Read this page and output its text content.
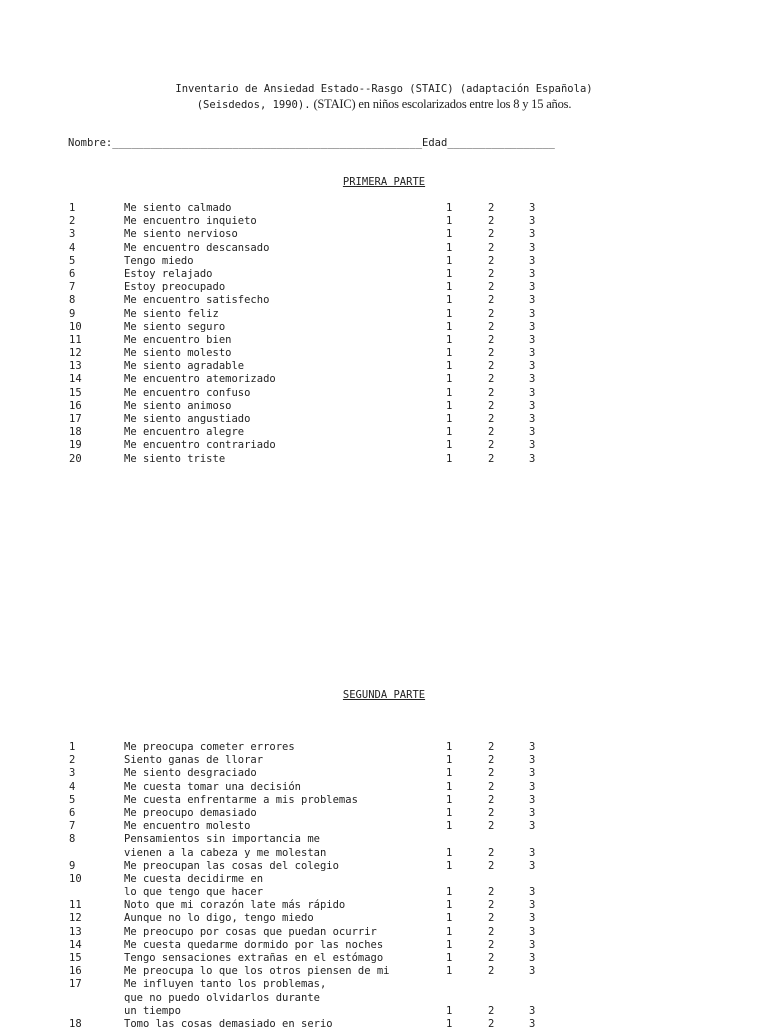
Inventario de Ansiedad Estado--Rasgo (STAIC) (adaptación Española)
(Seisdedos, 1990). (STAIC) en niños escolarizados entre los 8 y 15 años.
Nombre:_________________________________________________Edad_________________
PRIMERA PARTE
1	Me siento calmado	1	2	3
2	Me encuentro inquieto	1	2	3
3	Me siento nervioso	1	2	3
4	Me encuentro descansado	1	2	3
5	Tengo miedo	1	2	3
6	Estoy relajado	1	2	3
7	Estoy preocupado	1	2	3
8	Me encuentro satisfecho	1	2	3
9	Me siento feliz	1	2	3
10	Me siento seguro	1	2	3
11	Me encuentro bien	1	2	3
12	Me siento molesto	1	2	3
13	Me siento agradable	1	2	3
14	Me encuentro atemorizado	1	2	3
15	Me encuentro confuso	1	2	3
16	Me siento animoso	1	2	3
17	Me siento angustiado	1	2	3
18	Me encuentro alegre	1	2	3
19	Me encuentro contrariado	1	2	3
20	Me siento triste	1	2	3
SEGUNDA PARTE
1	Me preocupa cometer errores	1	2	3
2	Siento ganas de llorar	1	2	3
3	Me siento desgraciado	1	2	3
4	Me cuesta tomar una decisión	1	2	3
5	Me cuesta enfrentarme a mis problemas	1	2	3
6	Me preocupo demasiado	1	2	3
7	Me encuentro molesto	1	2	3
8	Pensamientos sin importancia me
vienen a la cabeza y me molestan	1	2	3
9	Me preocupan las cosas del colegio	1	2	3
10	Me cuesta decidirme en
lo que tengo que hacer	1	2	3
11	Noto que mi corazón late más rápido	1	2	3
12	Aunque no lo digo, tengo miedo	1	2	3
13	Me preocupo por cosas que puedan ocurrir	1	2	3
14	Me cuesta quedarme dormido por las noches	1	2	3
15	Tengo sensaciones extrañas en el estómago	1	2	3
16	Me preocupa lo que los otros piensen de mi	1	2	3
17	Me influyen tanto los problemas,
que no puedo olvidarlos durante
un tiempo	1	2	3
18	Tomo las cosas demasiado en serio	1	2	3
